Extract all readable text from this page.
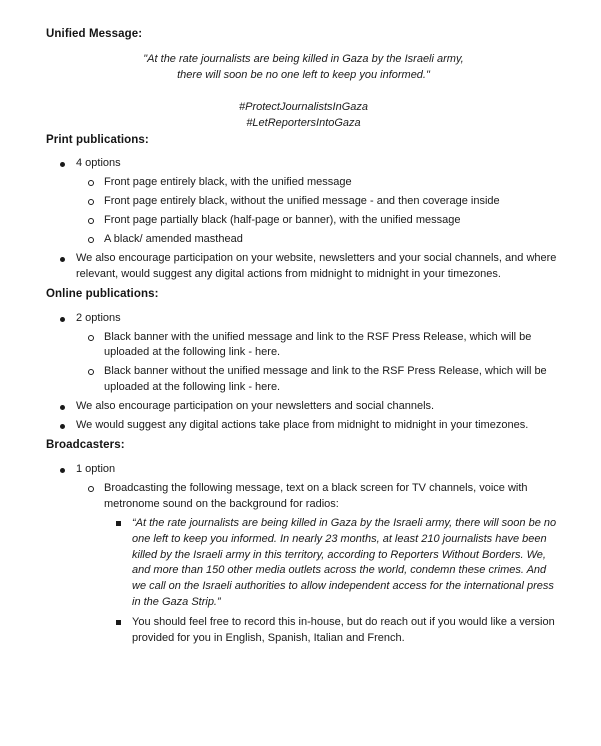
Unified Message:
"At the rate journalists are being killed in Gaza by the Israeli army,
there will soon be no one left to keep you informed."
#ProtectJournalistsInGaza
#LetReportersIntoGaza
Print publications:
4 options
Front page entirely black, with the unified message
Front page entirely black, without the unified message - and then coverage inside
Front page partially black (half-page or banner), with the unified message
A black/ amended masthead
We also encourage participation on your website, newsletters and your social channels, and where relevant, would suggest any digital actions from midnight to midnight in your timezones.
Online publications:
2 options
Black banner with the unified message and link to the RSF Press Release, which will be uploaded at the following link - here.
Black banner without the unified message and link to the RSF Press Release, which will be uploaded at the following link - here.
We also encourage participation on your newsletters and social channels.
We would suggest any digital actions take place from midnight to midnight in your timezones.
Broadcasters:
1 option
Broadcasting the following message, text on a black screen for TV channels, voice with metronome sound on the background for radios:
“At the rate journalists are being killed in Gaza by the Israeli army, there will soon be no one left to keep you informed. In nearly 23 months, at least 210 journalists have been killed by the Israeli army in this territory, according to Reporters Without Borders. We, and more than 150 other media outlets across the world, condemn these crimes. And we call on the Israeli authorities to allow independent access for the international press in the Gaza Strip.”
You should feel free to record this in-house, but do reach out if you would like a version provided for you in English, Spanish, Italian and French.
